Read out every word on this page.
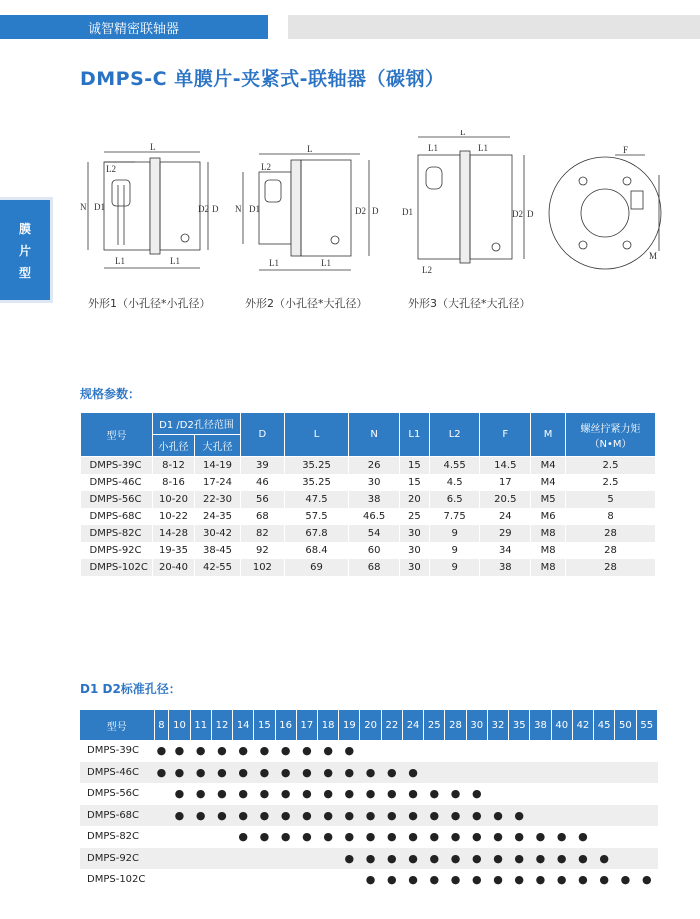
诚智精密联轴器
DMPS-C 单膜片-夹紧式-联轴器（碳钢）
膜
片
型
L
L2
N D1	D
D2
L1	L1
L
L2
N D1	D2 D
L1	L1
L
L1	L1
D1	D2 D
L2
F
M
外形1（小孔径*小孔径）	外形2（小孔径*大孔径）	外形3（大孔径*大孔径）
规格参数：
型号	D1 /D2孔径范围		D	L	N	L1	L2	F	M	螺丝拧紧力矩
（N•M）
	小孔径	大孔径								
DMPS-39C	8-12	14-19	39	35.25	26	15	4.55	14.5	M4	2.5
DMPS-46C	8-16	17-24	46	35.25	30	15	4.5	17	M4	2.5
DMPS-56C	10-20	22-30	56	47.5	38	20	6.5	20.5	M5	5
DMPS-68C	10-22	24-35	68	57.5	46.5	25	7.75	24	M6	8
DMPS-82C	14-28	30-42	82	67.8	54	30	9	29	M8	28
DMPS-92C	19-35	38-45	92	68.4	60	30	9	34	M8	28
DMPS-102C	20-40	42-55	102	69	68	30	9	38	M8	28
D1 D2标准孔径：
型号	8	10	11	12	14	15	16	17	18	19	20	22	24	25	28	30	32	35	38	40	42	45	50	55
DMPS-39C	●	●	●	●	●	●	●	●	●	●														
DMPS-46C	●	●	●	●	●	●	●	●	●	●	●	●	●											
DMPS-56C		●	●	●	●	●	●	●	●	●	●	●	●	●	●	●								
DMPS-68C		●	●	●	●	●	●	●	●	●	●	●	●	●	●	●	●	●						
DMPS-82C					●	●	●	●	●	●	●	●	●	●	●	●	●	●	●	●	●			
DMPS-92C										●	●	●	●	●	●	●	●	●	●	●	●	●		
DMPS-102C											●	●	●	●	●	●	●	●	●	●	●	●	●	●
